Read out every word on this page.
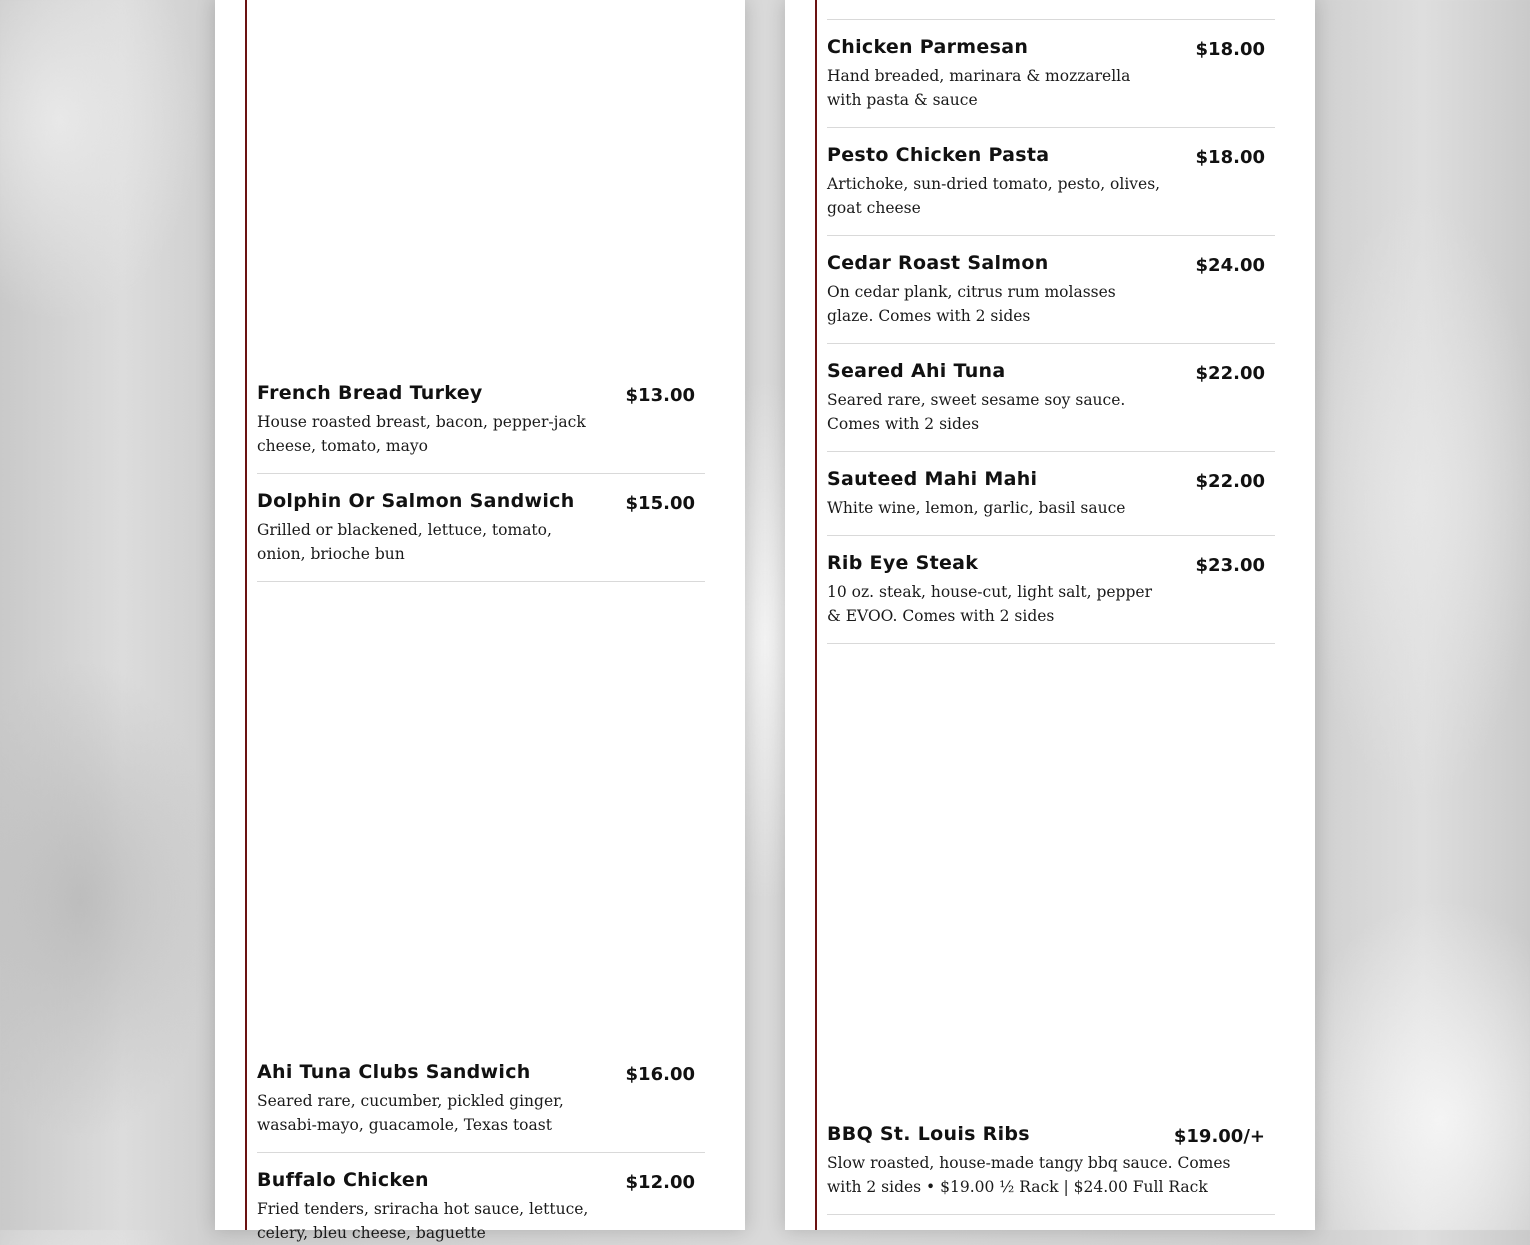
French Bread Turkey	$13.00
House roasted breast, bacon, pepper-jack cheese, tomato, mayo
Dolphin Or Salmon Sandwich	$15.00
Grilled or blackened, lettuce, tomato, onion, brioche bun
Ahi Tuna Clubs Sandwich	$16.00
Seared rare, cucumber, pickled ginger, wasabi-mayo, guacamole, Texas toast
Buffalo Chicken	$12.00
Fried tenders, sriracha hot sauce, lettuce, celery, bleu cheese, baguette
Chicken Parmesan	$18.00
Hand breaded, marinara & mozzarella with pasta & sauce
Pesto Chicken Pasta	$18.00
Artichoke, sun-dried tomato, pesto, olives, goat cheese
Cedar Roast Salmon	$24.00
On cedar plank, citrus rum molasses glaze. Comes with 2 sides
Seared Ahi Tuna	$22.00
Seared rare, sweet sesame soy sauce. Comes with 2 sides
Sauteed Mahi Mahi	$22.00
White wine, lemon, garlic, basil sauce
Rib Eye Steak	$23.00
10 oz. steak, house-cut, light salt, pepper & EVOO. Comes with 2 sides
BBQ St. Louis Ribs	$19.00/+
Slow roasted, house-made tangy bbq sauce. Comes with 2 sides • $19.00 ½ Rack | $24.00 Full Rack
